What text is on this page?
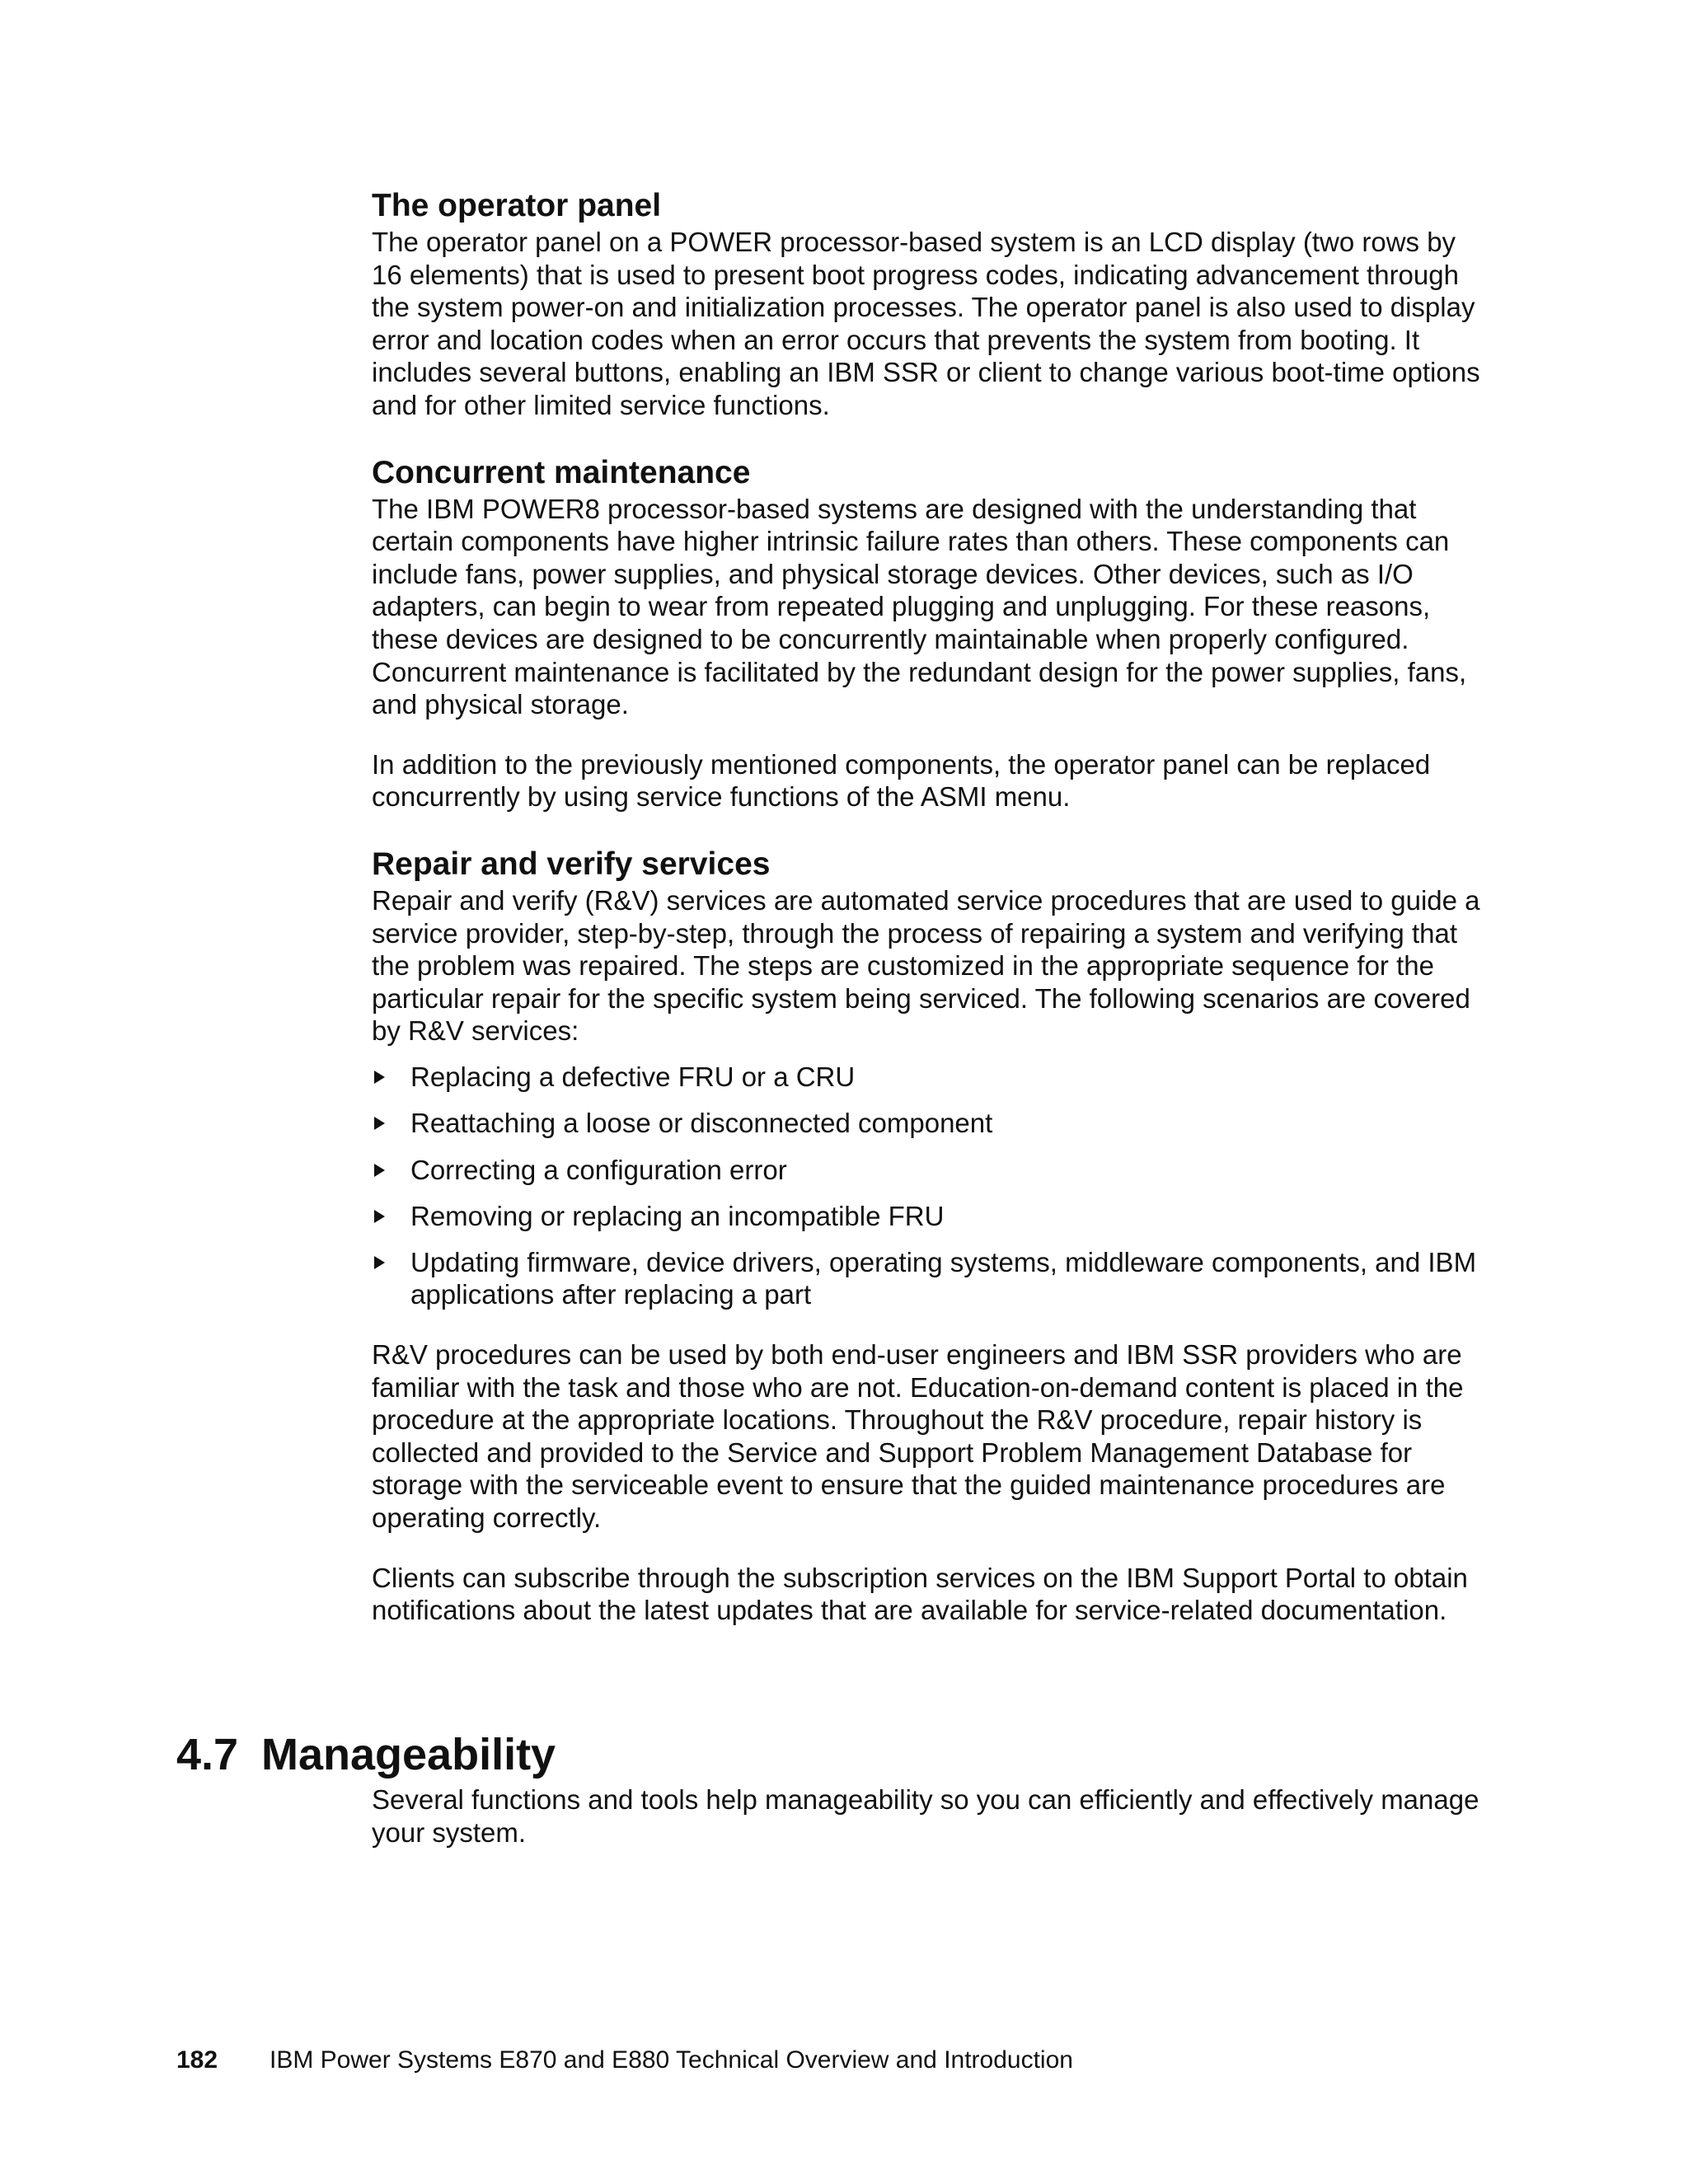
The operator panel

The operator panel on a POWER processor-based system is an LCD display (two rows by 16 elements) that is used to present boot progress codes, indicating advancement through the system power-on and initialization processes. The operator panel is also used to display error and location codes when an error occurs that prevents the system from booting. It includes several buttons, enabling an IBM SSR or client to change various boot-time options and for other limited service functions.

Concurrent maintenance

The IBM POWER8 processor-based systems are designed with the understanding that certain components have higher intrinsic failure rates than others. These components can include fans, power supplies, and physical storage devices. Other devices, such as I/O adapters, can begin to wear from repeated plugging and unplugging. For these reasons, these devices are designed to be concurrently maintainable when properly configured. Concurrent maintenance is facilitated by the redundant design for the power supplies, fans, and physical storage.

In addition to the previously mentioned components, the operator panel can be replaced concurrently by using service functions of the ASMI menu.

Repair and verify services

Repair and verify (R&V) services are automated service procedures that are used to guide a service provider, step-by-step, through the process of repairing a system and verifying that the problem was repaired. The steps are customized in the appropriate sequence for the particular repair for the specific system being serviced. The following scenarios are covered by R&V services:

Replacing a defective FRU or a CRU
Reattaching a loose or disconnected component
Correcting a configuration error
Removing or replacing an incompatible FRU
Updating firmware, device drivers, operating systems, middleware components, and IBM applications after replacing a part

R&V procedures can be used by both end-user engineers and IBM SSR providers who are familiar with the task and those who are not. Education-on-demand content is placed in the procedure at the appropriate locations. Throughout the R&V procedure, repair history is collected and provided to the Service and Support Problem Management Database for storage with the serviceable event to ensure that the guided maintenance procedures are operating correctly.

Clients can subscribe through the subscription services on the IBM Support Portal to obtain notifications about the latest updates that are available for service-related documentation.

4.7 Manageability

Several functions and tools help manageability so you can efficiently and effectively manage your system.

182 IBM Power Systems E870 and E880 Technical Overview and Introduction
